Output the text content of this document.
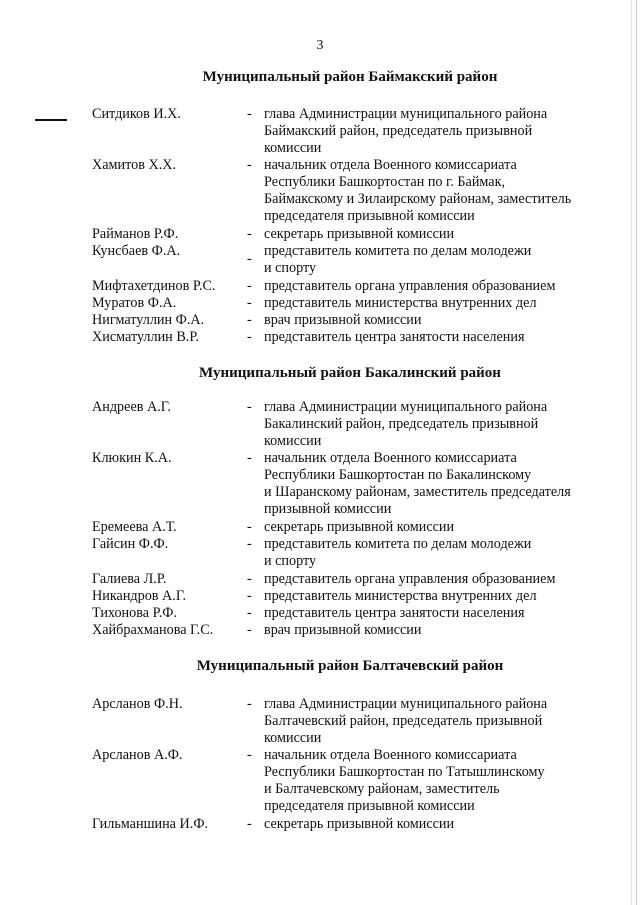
3
Муниципальный район Баймакский район
Ситдиков И.Х.	- глава Администрации муниципального района
Баймакский район, председатель призывной
комиссии
Хамитов Х.Х.	- начальник отдела Военного комиссариата
Республики Башкортостан по г. Баймак,
Баймакскому и Зилаирскому районам, заместитель
председателя призывной комиссии
Райманов Р.Ф.	- секретарь призывной комиссии
Кунсбаев Ф.А.	- представитель комитета по делам молодежи
и спорту
Мифтахетдинов Р.С. - представитель органа управления образованием
Муратов Ф.А.	- представитель министерства внутренних дел
Нигматуллин Ф.А.	- врач призывной комиссии
Хисматуллин В.Р.	- представитель центра занятости населения
Муниципальный район Бакалинский район
Андреев А.Г.	- глава Администрации муниципального района
Бакалинский район, председатель призывной
комиссии
Клюкин К.А.	- начальник отдела Военного комиссариата
Республики Башкортостан по Бакалинскому
и Шаранскому районам, заместитель председателя
призывной комиссии
Еремеева А.Т.	- секретарь призывной комиссии
Гайсин Ф.Ф.	- представитель комитета по делам молодежи
и спорту
Галиева Л.Р.	- представитель органа управления образованием
Никандров А.Г.	- представитель министерства внутренних дел
Тихонова Р.Ф.	- представитель центра занятости населения
Хайбрахманова Г.С. - врач призывной комиссии
Муниципальный район Балтачевский район
Арсланов Ф.Н.	- глава Администрации муниципального района
Балтачевский район, председатель призывной
комиссии
Арсланов А.Ф.	- начальник отдела Военного комиссариата
Республики Башкортостан по Татышлинскому
и Балтачевскому районам, заместитель
председателя призывной комиссии
Гильманшина И.Ф.	- секретарь призывной комиссии
